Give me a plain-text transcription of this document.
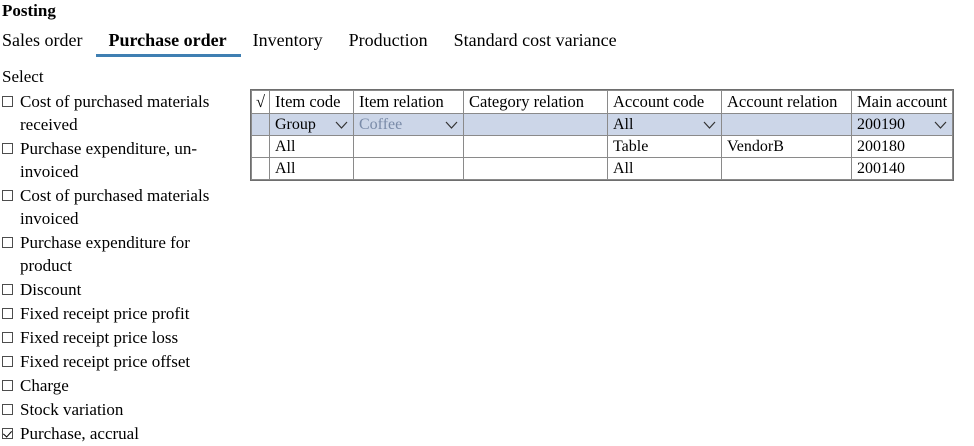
Posting
Sales order	Purchase order	Inventory	Production	Standard cost variance
Select
Cost of purchased materials received
Purchase expenditure, un-invoiced
Cost of purchased materials invoiced
Purchase expenditure for product
Discount
Fixed receipt price profit
Fixed receipt price loss
Fixed receipt price offset
Charge
Stock variation
Purchase, accrual
√	Item code	Item relation	Category relation	Account code	Account relation	Main account

	Group	Coffee		All		200190

	All			Table	VendorB	200180

	All			All		200140
